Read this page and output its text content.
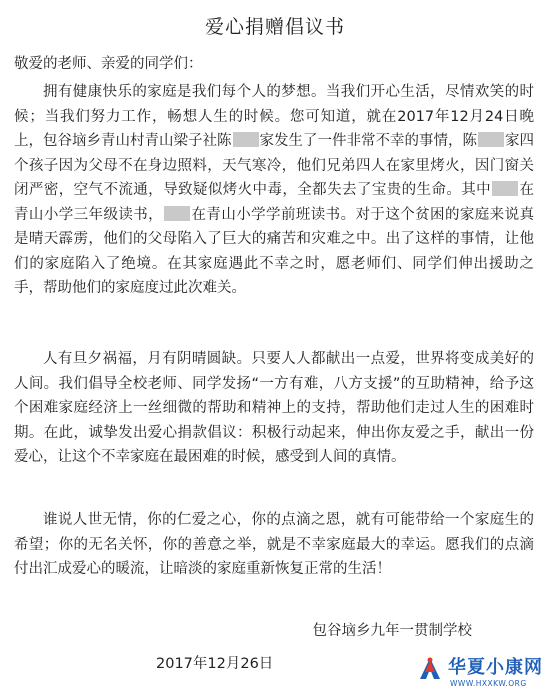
爱心捐赠倡议书
敬爱的老师、亲爱的同学们：
拥有健康快乐的家庭是我们每个人的梦想。当我们开心生活，尽情欢笑的时候；当我们努力工作，畅想人生的时候。您可知道，就在2017年12月24日晚上，包谷垴乡青山村青山梁子社陈 家发生了一件非常不幸的事情，陈 家四个孩子因为父母不在身边照料，天气寒冷，他们兄弟四人在家里烤火，因门窗关闭严密，空气不流通，导致疑似烤火中毒，全都失去了宝贵的生命。其中 在青山小学三年级读书， 在青山小学学前班读书。对于这个贫困的家庭来说真是晴天霹雳，他们的父母陷入了巨大的痛苦和灾难之中。出了这样的事情，让他们的家庭陷入了绝境。在其家庭遇此不幸之时，愿老师们、同学们伸出援助之手，帮助他们的家庭度过此次难关。
人有旦夕祸福，月有阴晴圆缺。只要人人都献出一点爱，世界将变成美好的人间。我们倡导全校老师、同学发扬“一方有难，八方支援”的互助精神，给予这个困难家庭经济上一丝细微的帮助和精神上的支持，帮助他们走过人生的困难时期。在此，诚挚发出爱心捐款倡议：积极行动起来，伸出你友爱之手，献出一份爱心，让这个不幸家庭在最困难的时候，感受到人间的真情。
谁说人世无情，你的仁爱之心，你的点滴之恩，就有可能带给一个家庭生的希望；你的无名关怀，你的善意之举，就是不幸家庭最大的幸运。愿我们的点滴付出汇成爱心的暖流，让暗淡的家庭重新恢复正常的生活！
包谷垴乡九年一贯制学校
2017年12月26日	华夏小康网
WWW.HXXKW.ORG
